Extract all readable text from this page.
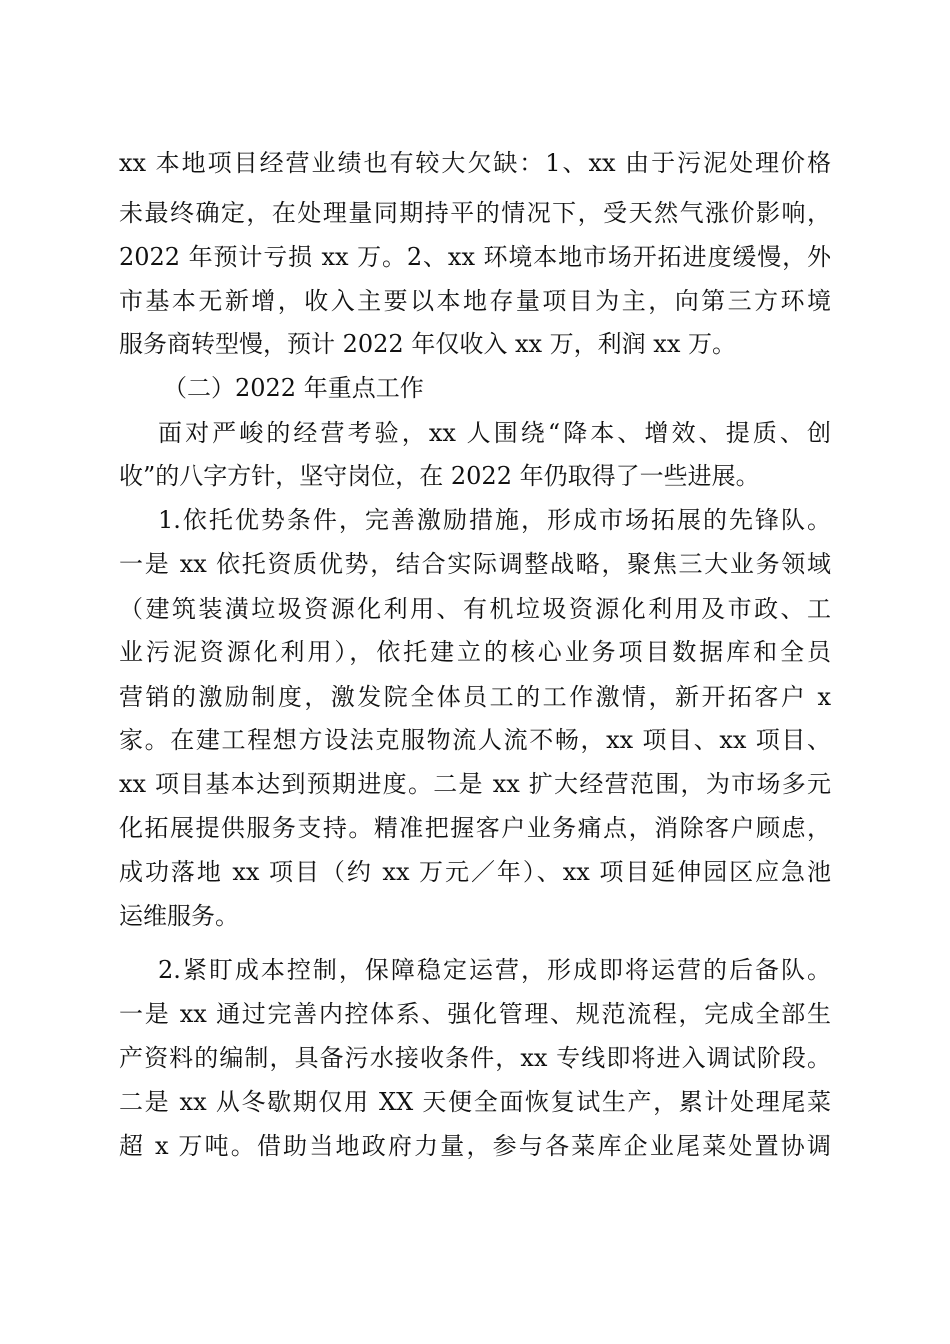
xx 本地项目经营业绩也有较大欠缺：1、xx 由于污泥处理价格
未最终确定，在处理量同期持平的情况下，受天然气涨价影响，
2022 年预计亏损 xx 万。2、xx 环境本地市场开拓进度缓慢，外
市基本无新增，收入主要以本地存量项目为主，向第三方环境
服务商转型慢，预计 2022 年仅收入 xx 万，利润 xx 万。
（二）2022 年重点工作
面对严峻的经营考验，xx 人围绕“降本、增效、提质、创
收”的八字方针，坚守岗位，在 2022 年仍取得了一些进展。
1.依托优势条件，完善激励措施，形成市场拓展的先锋队。
一是 xx 依托资质优势，结合实际调整战略，聚焦三大业务领域
（建筑装潢垃圾资源化利用、有机垃圾资源化利用及市政、工
业污泥资源化利用），依托建立的核心业务项目数据库和全员
营销的激励制度，激发院全体员工的工作激情，新开拓客户 x
家。在建工程想方设法克服物流人流不畅，xx 项目、xx 项目、
xx 项目基本达到预期进度。二是 xx 扩大经营范围，为市场多元
化拓展提供服务支持。精准把握客户业务痛点，消除客户顾虑，
成功落地 xx 项目（约 xx 万元／年）、xx 项目延伸园区应急池
运维服务。
2.紧盯成本控制，保障稳定运营，形成即将运营的后备队。
一是 xx 通过完善内控体系、强化管理、规范流程，完成全部生
产资料的编制，具备污水接收条件，xx 专线即将进入调试阶段。
二是 xx 从冬歇期仅用 XX 天便全面恢复试生产，累计处理尾菜
超 x 万吨。借助当地政府力量，参与各菜库企业尾菜处置协调
